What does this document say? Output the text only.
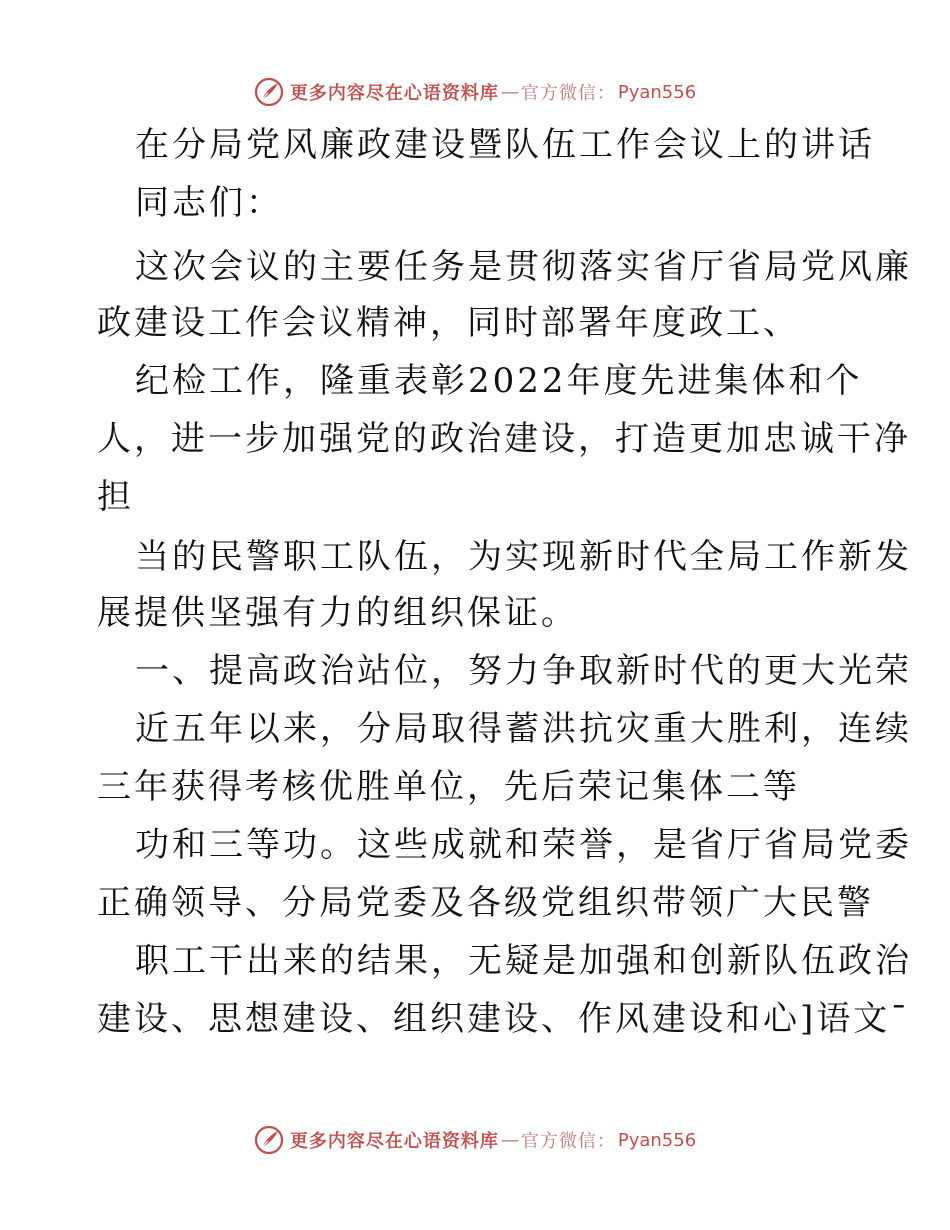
更多内容尽在心语资料库 — 官方微信： Pyan556
在分局党风廉政建设暨队伍工作会议上的讲话
同志们：
这次会议的主要任务是贯彻落实省厅省局党风廉
政建设工作会议精神，同时部署年度政工、
纪检工作，隆重表彰2022年度先进集体和个
人，进一步加强党的政治建设，打造更加忠诚干净
担
当的民警职工队伍，为实现新时代全局工作新发
展提供坚强有力的组织保证。
一、提高政治站位，努力争取新时代的更大光荣
近五年以来，分局取得蓄洪抗灾重大胜利，连续
三年获得考核优胜单位，先后荣记集体二等
功和三等功。这些成就和荣誉，是省厅省局党委
正确领导、分局党委及各级党组织带领广大民警
职工干出来的结果，无疑是加强和创新队伍政治
建设、思想建设、组织建设、作风建设和心]语文¯
更多内容尽在心语资料库 — 官方微信： Pyan556
